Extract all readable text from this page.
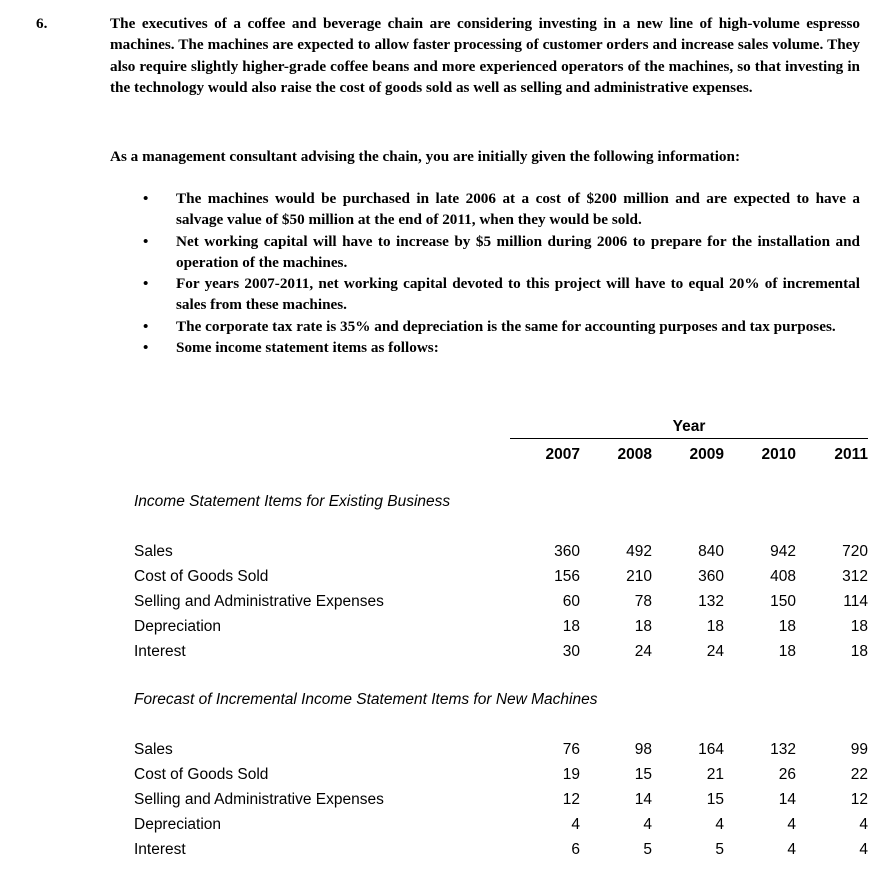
6.	The executives of a coffee and beverage chain are considering investing in a new line of high-volume espresso machines. The machines are expected to allow faster processing of customer orders and increase sales volume. They also require slightly higher-grade coffee beans and more experienced operators of the machines, so that investing in the technology would also raise the cost of goods sold as well as selling and administrative expenses.

As a management consultant advising the chain, you are initially given the following information:

• The machines would be purchased in late 2006 at a cost of $200 million and are expected to have a salvage value of $50 million at the end of 2011, when they would be sold.
• Net working capital will have to increase by $5 million during 2006 to prepare for the installation and operation of the machines.
• For years 2007-2011, net working capital devoted to this project will have to equal 20% of incremental sales from these machines.
• The corporate tax rate is 35% and depreciation is the same for accounting purposes and tax purposes.
• Some income statement items as follows:
Year
2007	2008	2009	2010	2011
Income Statement Items for Existing Business
Sales	360	492	840	942	720
Cost of Goods Sold	156	210	360	408	312
Selling and Administrative Expenses	60	78	132	150	114
Depreciation	18	18	18	18	18
Interest	30	24	24	18	18
Forecast of Incremental Income Statement Items for New Machines
Sales	76	98	164	132	99
Cost of Goods Sold	19	15	21	26	22
Selling and Administrative Expenses	12	14	15	14	12
Depreciation	4	4	4	4	4
Interest	6	5	5	4	4
